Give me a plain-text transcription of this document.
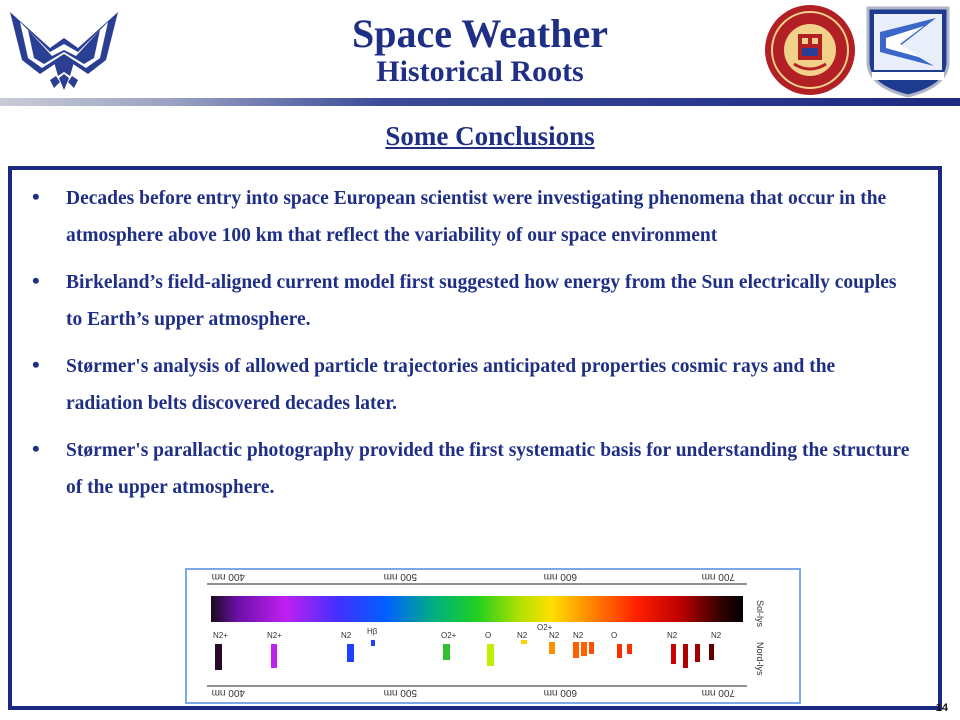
Space Weather
Historical Roots
Some Conclusions
• Decades before entry into space European scientist were investigating phenomena that occur in the atmosphere above 100 km that reflect the variability of our space environment
• Birkeland’s field-aligned current model first suggested how energy from the Sun electrically couples to Earth’s upper atmosphere.
• Størmer's analysis of allowed particle trajectories anticipated properties cosmic rays and the radiation belts discovered decades later.
• Størmer's parallactic photography provided the first systematic basis for understanding the structure of the upper atmosphere.
400 nm	500 nm	600 nm	700 nm
Sol-lys
N2+	N2+	N2 Hβ	O2+	O	N2
O2+
N2 N2	O	N2	N2
Nord-lys
400 nm	500 nm	600 nm	700 nm
14
